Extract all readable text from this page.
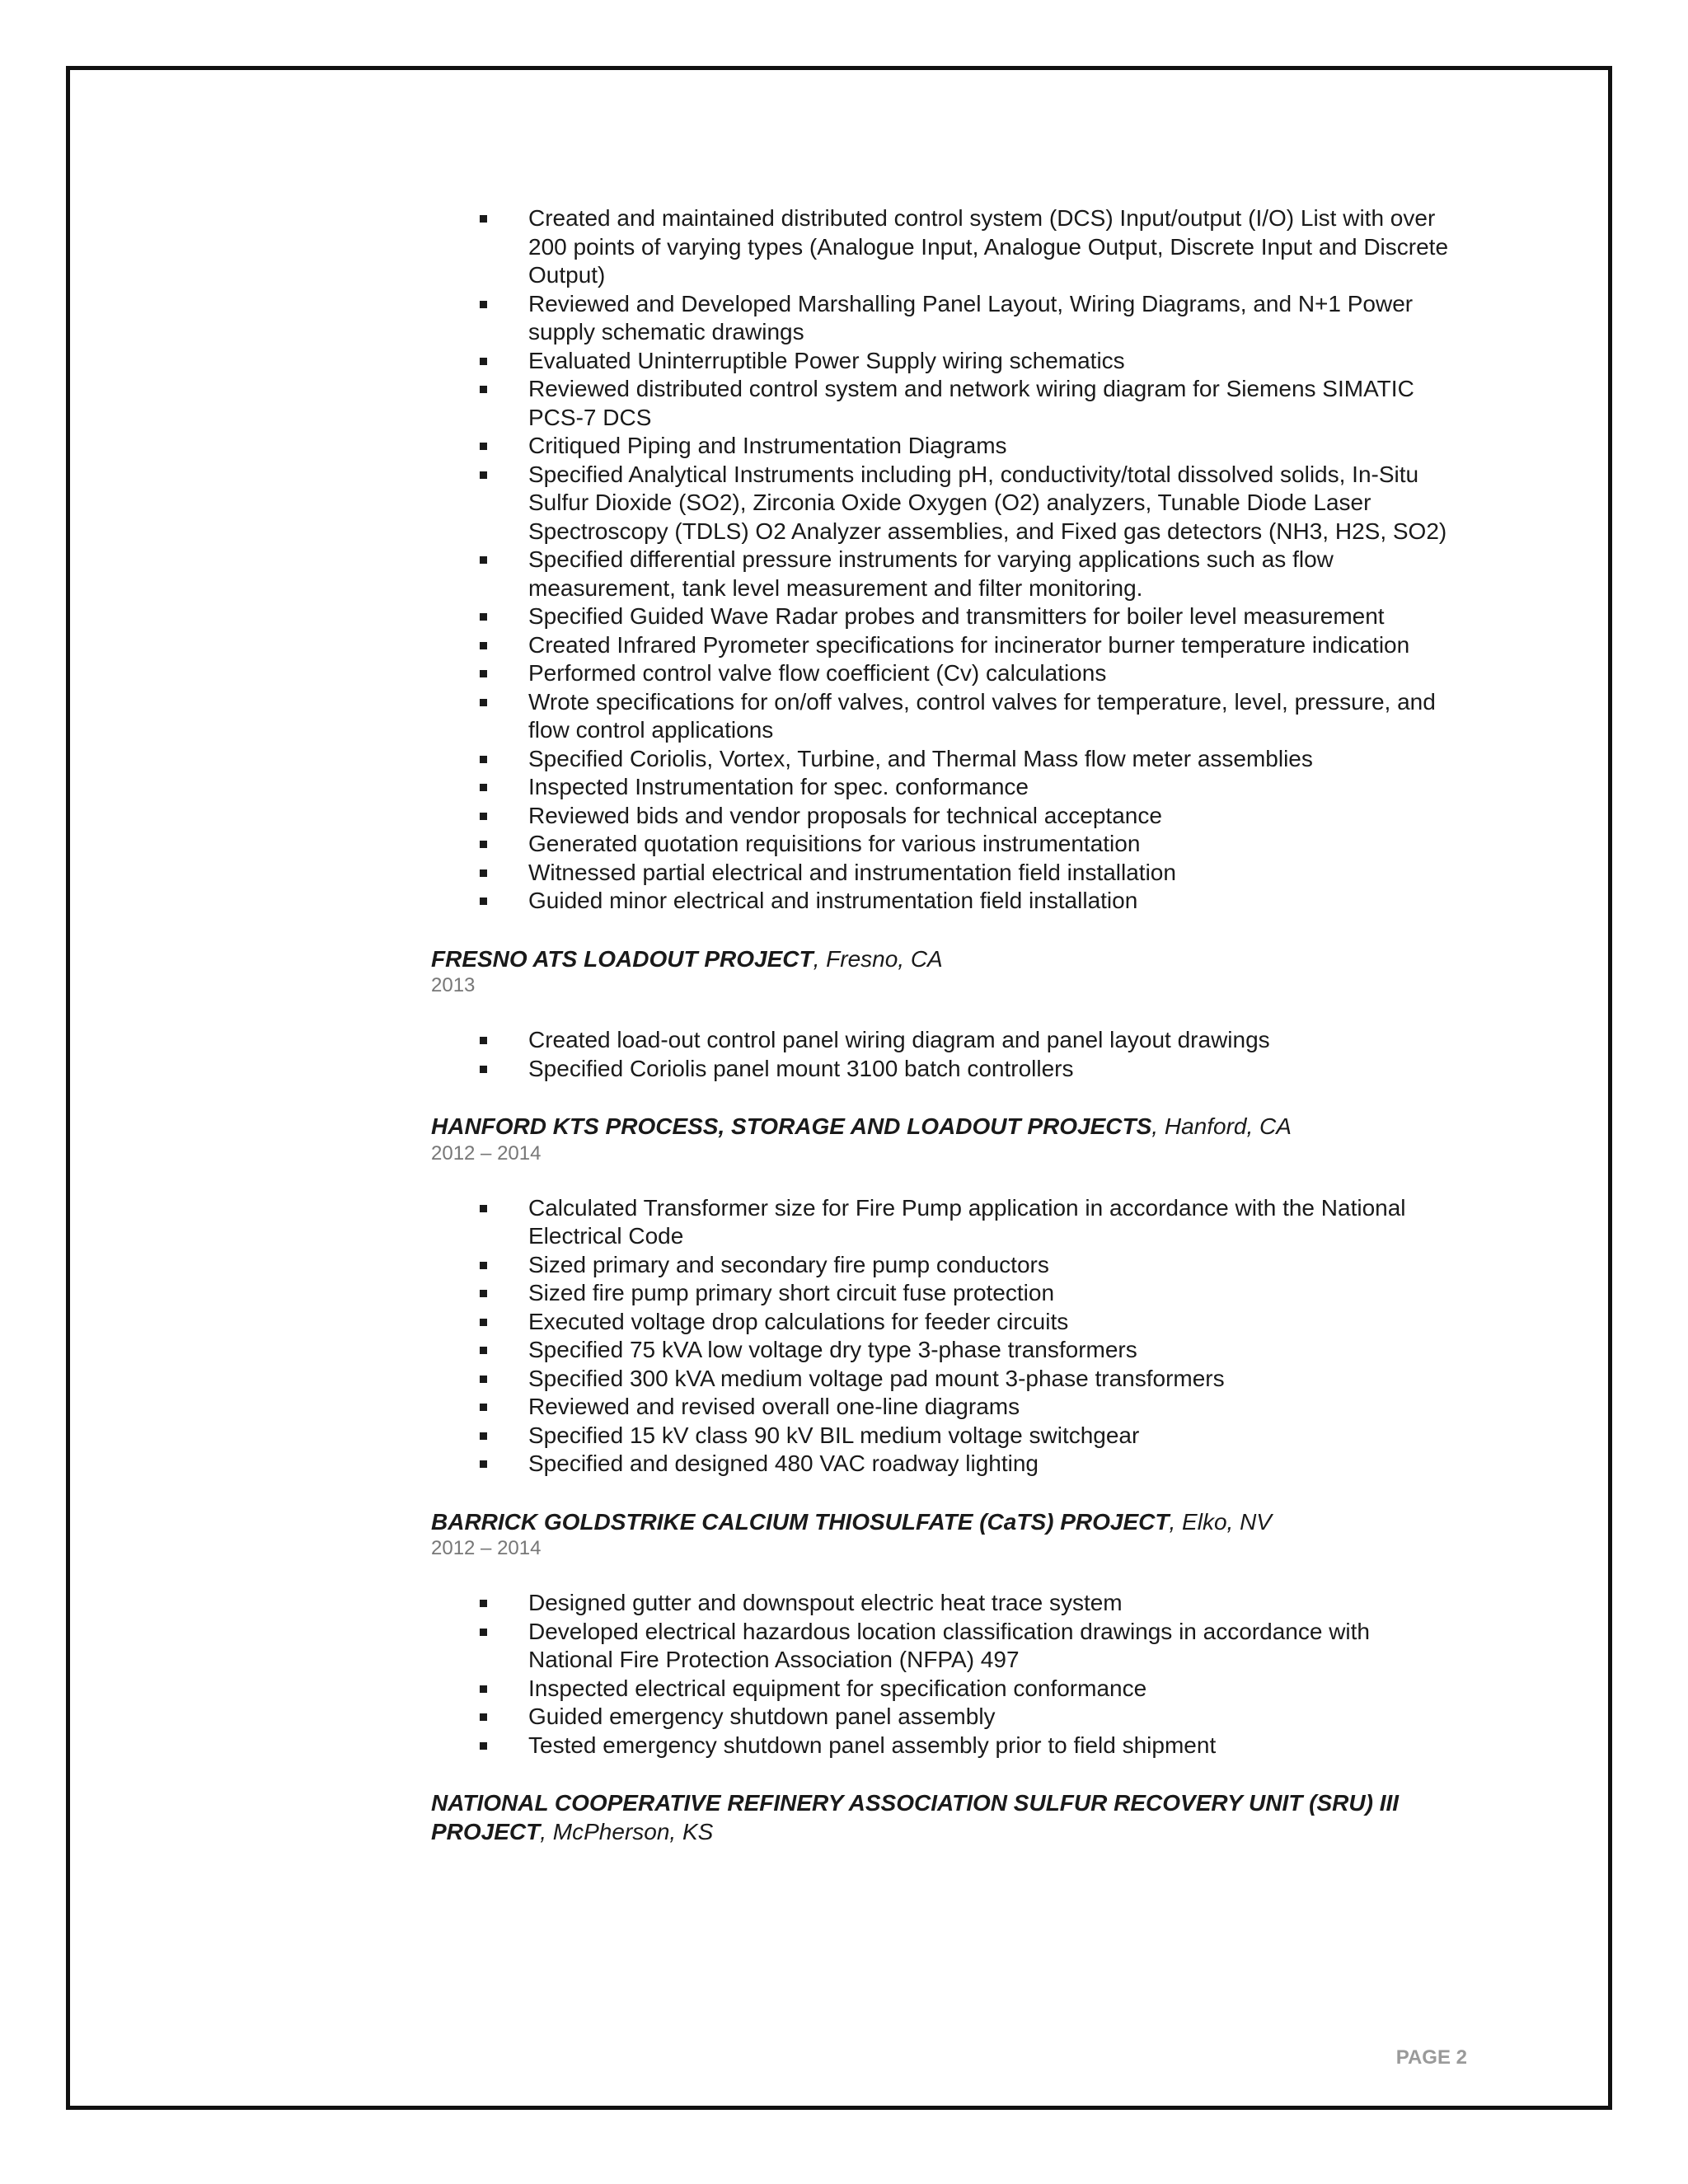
Created and maintained distributed control system (DCS) Input/output (I/O) List with over 200 points of varying types (Analogue Input, Analogue Output, Discrete Input and Discrete Output)
Reviewed and Developed Marshalling Panel Layout, Wiring Diagrams, and N+1 Power supply schematic drawings
Evaluated Uninterruptible Power Supply wiring schematics
Reviewed distributed control system and network wiring diagram for Siemens SIMATIC PCS-7 DCS
Critiqued Piping and Instrumentation Diagrams
Specified Analytical Instruments including pH, conductivity/total dissolved solids, In-Situ Sulfur Dioxide (SO2), Zirconia Oxide Oxygen (O2) analyzers, Tunable Diode Laser Spectroscopy (TDLS) O2 Analyzer assemblies, and Fixed gas detectors (NH3, H2S, SO2)
Specified differential pressure instruments for varying applications such as flow measurement, tank level measurement and filter monitoring.
Specified Guided Wave Radar probes and transmitters for boiler level measurement
Created Infrared Pyrometer specifications for incinerator burner temperature indication
Performed control valve flow coefficient (Cv) calculations
Wrote specifications for on/off valves, control valves for temperature, level, pressure, and flow control applications
Specified Coriolis, Vortex, Turbine, and Thermal Mass flow meter assemblies
Inspected Instrumentation for spec. conformance
Reviewed bids and vendor proposals for technical acceptance
Generated quotation requisitions for various instrumentation
Witnessed partial electrical and instrumentation field installation
Guided minor electrical and instrumentation field installation
FRESNO ATS LOADOUT PROJECT, Fresno, CA
2013
Created load-out control panel wiring diagram and panel layout drawings
Specified Coriolis panel mount 3100 batch controllers
HANFORD KTS PROCESS, STORAGE AND LOADOUT PROJECTS, Hanford, CA
2012 – 2014
Calculated Transformer size for Fire Pump application in accordance with the National Electrical Code
Sized primary and secondary fire pump conductors
Sized fire pump primary short circuit fuse protection
Executed voltage drop calculations for feeder circuits
Specified 75 kVA low voltage dry type 3-phase transformers
Specified 300 kVA medium voltage pad mount 3-phase transformers
Reviewed and revised overall one-line diagrams
Specified 15 kV class 90 kV BIL medium voltage switchgear
Specified and designed 480 VAC roadway lighting
BARRICK GOLDSTRIKE CALCIUM THIOSULFATE (CaTS) PROJECT, Elko, NV
2012 – 2014
Designed gutter and downspout electric heat trace system
Developed electrical hazardous location classification drawings in accordance with National Fire Protection Association (NFPA) 497
Inspected electrical equipment for specification conformance
Guided emergency shutdown panel assembly
Tested emergency shutdown panel assembly prior to field shipment
NATIONAL COOPERATIVE REFINERY ASSOCIATION SULFUR RECOVERY UNIT (SRU) III PROJECT, McPherson, KS
PAGE 2
